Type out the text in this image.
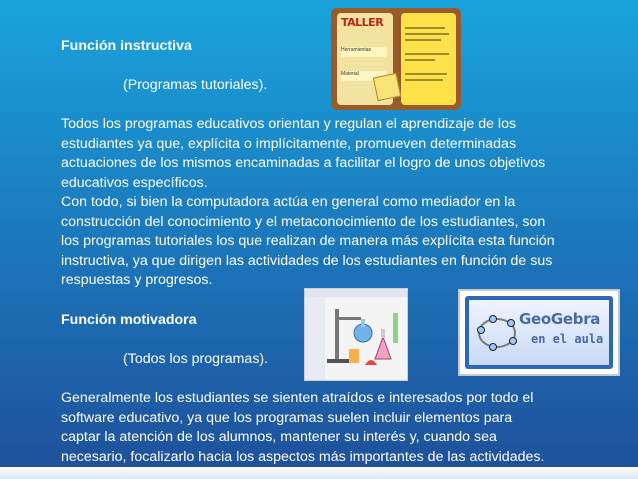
Función instructiva
(Programas tutoriales).
Todos los programas educativos orientan y regulan el aprendizaje de los
estudiantes ya que, explícita o implícitamente, promueven determinadas
actuaciones de los mismos encaminadas a facilitar el logro de unos objetivos
educativos específicos.
Con todo, si bien la computadora actúa en general como mediador en la
construcción del conocimiento y el metaconocimiento de los estudiantes, son
los programas tutoriales los que realizan de manera más explícita esta función
instructiva, ya que dirigen las actividades de los estudiantes en función de sus
respuestas y progresos.
Función motivadora
(Todos los programas).
Generalmente los estudiantes se sienten atraídos e interesados por todo el
software educativo, ya que los programas suelen incluir elementos para
captar la atención de los alumnos, mantener su interés y, cuando sea
necesario, focalizarlo hacia los aspectos más importantes de las actividades.
TALLER
Herramientas
Material
GeoGebra
en el aula
